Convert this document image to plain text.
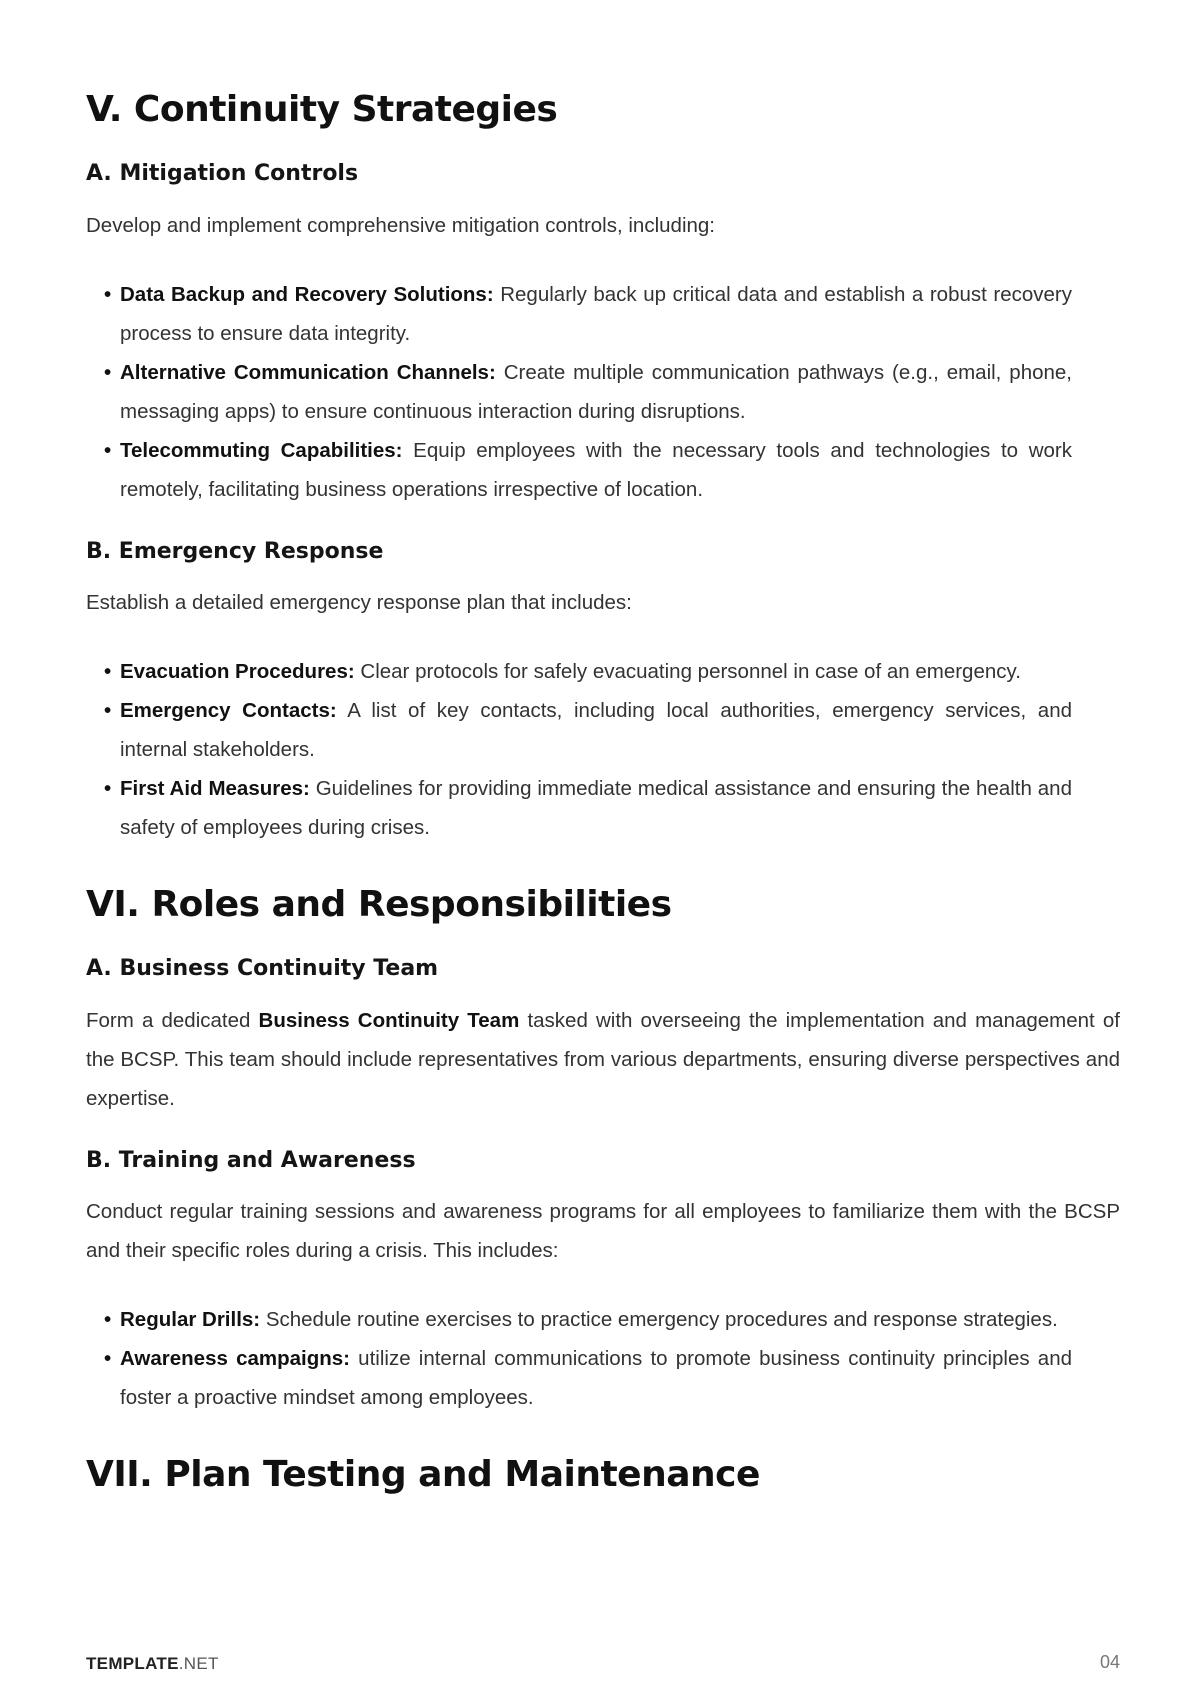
V. Continuity Strategies
A. Mitigation Controls

Develop and implement comprehensive mitigation controls, including:

• Data Backup and Recovery Solutions: Regularly back up critical data and establish a robust recovery process to ensure data integrity.
• Alternative Communication Channels: Create multiple communication pathways (e.g., email, phone, messaging apps) to ensure continuous interaction during disruptions.
• Telecommuting Capabilities: Equip employees with the necessary tools and technologies to work remotely, facilitating business operations irrespective of location.
B. Emergency Response

Establish a detailed emergency response plan that includes:

• Evacuation Procedures: Clear protocols for safely evacuating personnel in case of an emergency.
• Emergency Contacts: A list of key contacts, including local authorities, emergency services, and internal stakeholders.
• First Aid Measures: Guidelines for providing immediate medical assistance and ensuring the health and safety of employees during crises.
VI. Roles and Responsibilities
A. Business Continuity Team

Form a dedicated Business Continuity Team tasked with overseeing the implementation and management of the BCSP. This team should include representatives from various departments, ensuring diverse perspectives and expertise.

B. Training and Awareness

Conduct regular training sessions and awareness programs for all employees to familiarize them with the BCSP and their specific roles during a crisis. This includes:

• Regular Drills: Schedule routine exercises to practice emergency procedures and response strategies.
• Awareness campaigns: utilize internal communications to promote business continuity principles and foster a proactive mindset among employees.
VII. Plan Testing and Maintenance
TEMPLATE.NET	04
